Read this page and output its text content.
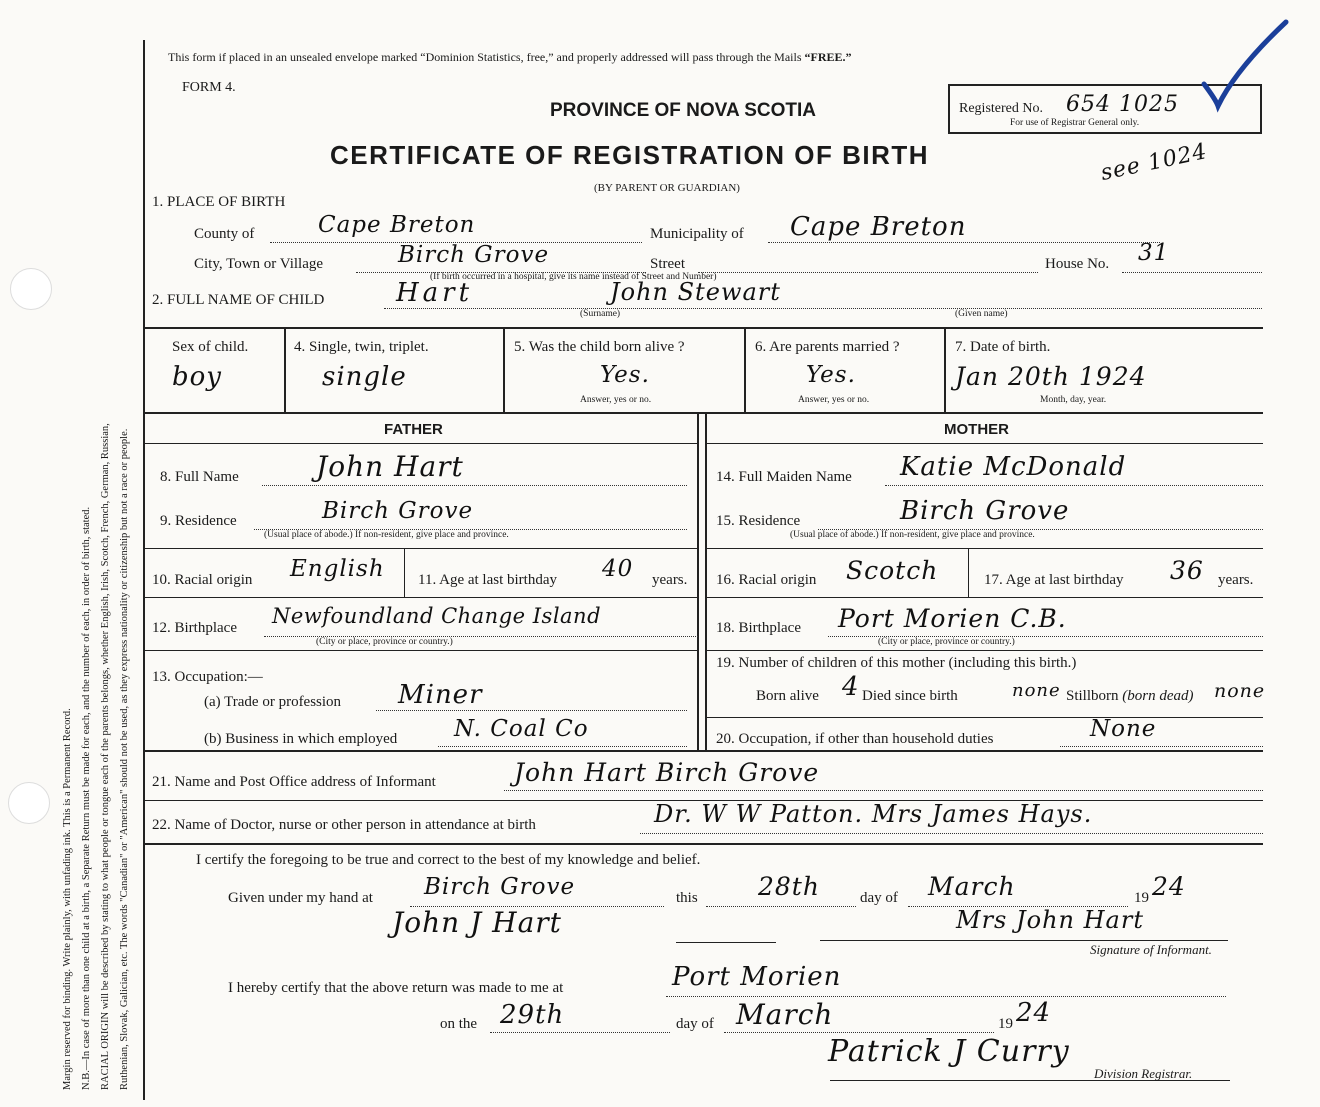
Margin reserved for binding. Write plainly, with unfading ink. This is a Permanent Record. N.B.—In case of more than one child at a birth, a Separate Return must be made for each, and the number of each, in order of birth, stated. RACIAL ORIGIN will be described by stating to what people or tongue each of the parents belongs, whether English, Irish, Scotch, French, German, Russian, Ruthenian, Slovak, Galician, etc. The words "Canadian" or "American" should not be used, as they express nationality or citizenship but not a race or people.
This form if placed in an unsealed envelope marked “Dominion Statistics, free,” and properly addressed will pass through the Mails “FREE.”
FORM 4.
PROVINCE OF NOVA SCOTIA	Registered No. 654 1025
For use of Registrar General only.
CERTIFICATE OF REGISTRATION OF BIRTH	see 1024
(BY PARENT OR GUARDIAN)
1. PLACE OF BIRTH
County of	Cape Breton	Municipality of Cape Breton
City, Town or Village	Birch Grove	Street	House No. 31
(If birth occurred in a hospital, give its name instead of Street and Number)
2. FULL NAME OF CHILD	Hart	John Stewart
(Surname)	(Given name)
Sex of child.
boy
4. Single, twin, triplet.
single
5. Was the child born alive ?
Yes.
Answer, yes or no.
6. Are parents married ?
Yes.
Answer, yes or no.
7. Date of birth.
Jan 20th 1924
Month, day, year.
FATHER	MOTHER
8. Full Name	John Hart
9. Residence	Birch Grove
(Usual place of abode.) If non-resident, give place and province.
10. Racial origin English 11. Age at last birthday 40 years.
12. Birthplace Newfoundland Change Island
(City or place, province or country.)
13. Occupation:—
(a) Trade or profession Miner
(b) Business in which employed N. Coal Co
14. Full Maiden Name Katie McDonald
15. Residence	Birch Grove
(Usual place of abode.) If non-resident, give place and province.
16. Racial origin Scotch	17. Age at last birthday 36 years.
18. Birthplace Port Morien C.B.
(City or place, province or country.)
19. Number of children of this mother (including this birth.)
Born alive 4 Died since birth	none Stillborn (born dead) none
20. Occupation, if other than household duties	None
21. Name and Post Office address of Informant	John Hart Birch Grove
22. Name of Doctor, nurse or other person in attendance at birth	Dr. W W Patton. Mrs James Hays.
I certify the foregoing to be true and correct to the best of my knowledge and belief.
Given under my hand at Birch Grove	this 28th	day of March	19 24
John J Hart	Mrs John Hart
Signature of Informant.
I hereby certify that the above return was made to me at	Port Morien
on the 29th	day of March	19 24
Patrick J Curry
Division Registrar.
